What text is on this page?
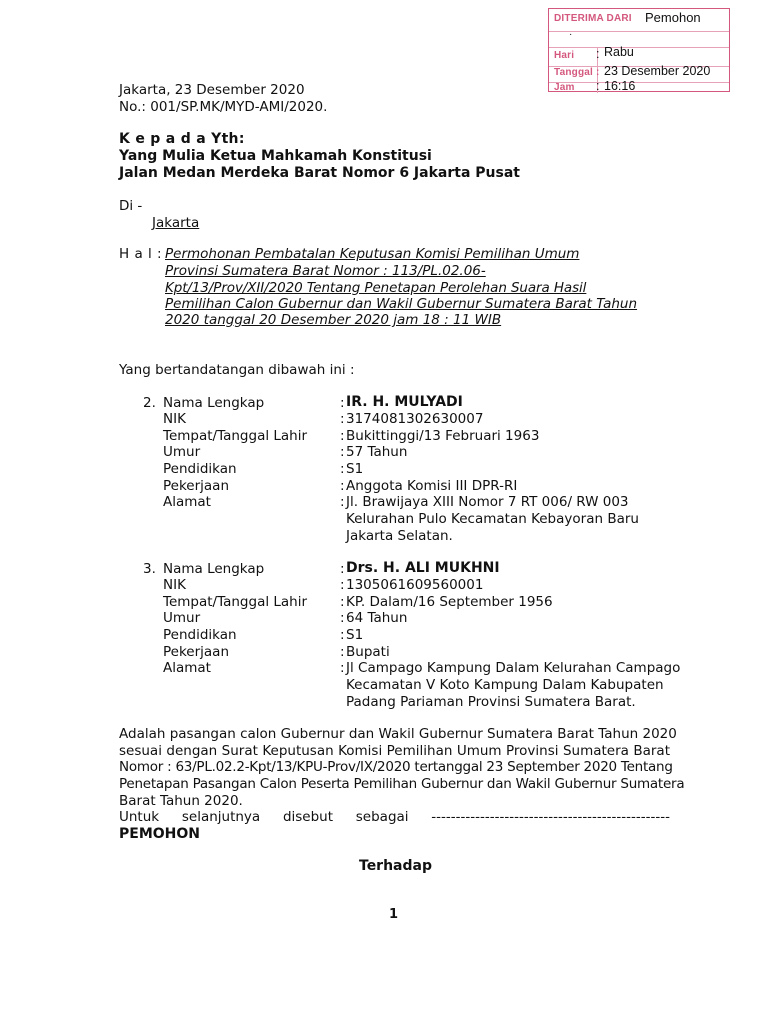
DITERIMA DARI Pemohon
·
Hari : Rabu
Tanggal : 23 Desember 2020
Jam : 16:16
Jakarta, 23 Desember 2020
No.: 001/SP.MK/MYD-AMI/2020.
K e p a d a Yth:
Yang Mulia Ketua Mahkamah Konstitusi
Jalan Medan Merdeka Barat Nomor 6 Jakarta Pusat
Di -
Jakarta
H a l : Permohonan Pembatalan Keputusan Komisi Pemilihan Umum
Provinsi Sumatera Barat Nomor : 113/PL.02.06-
Kpt/13/Prov/XII/2020 Tentang Penetapan Perolehan Suara Hasil
Pemilihan Calon Gubernur dan Wakil Gubernur Sumatera Barat Tahun
2020 tanggal 20 Desember 2020 jam 18 : 11 WIB
Yang bertandatangan dibawah ini :
2. Nama Lengkap	: IR. H. MULYADI
NIK	: 3174081302630007
Tempat/Tanggal Lahir : Bukittinggi/13 Februari 1963
Umur	: 57 Tahun
Pendidikan	: S1
Pekerjaan	: Anggota Komisi III DPR-RI
Alamat	: Jl. Brawijaya XIII Nomor 7 RT 006/ RW 003
Kelurahan Pulo Kecamatan Kebayoran Baru
Jakarta Selatan.
3. Nama Lengkap	: Drs. H. ALI MUKHNI
NIK	: 1305061609560001
Tempat/Tanggal Lahir : KP. Dalam/16 September 1956
Umur	: 64 Tahun
Pendidikan	: S1
Pekerjaan	: Bupati
Alamat	: Jl Campago Kampung Dalam Kelurahan Campago
Kecamatan V Koto Kampung Dalam Kabupaten
Padang Pariaman Provinsi Sumatera Barat.
Adalah pasangan calon Gubernur dan Wakil Gubernur Sumatera Barat Tahun 2020
sesuai dengan Surat Keputusan Komisi Pemilihan Umum Provinsi Sumatera Barat
Nomor : 63/PL.02.2-Kpt/13/KPU-Prov/IX/2020 tertanggal 23 September 2020 Tentang
Penetapan Pasangan Calon Peserta Pemilihan Gubernur dan Wakil Gubernur Sumatera
Barat Tahun 2020.
Untuk selanjutnya disebut sebagai -------------------------------------------------
PEMOHON
Terhadap
1
